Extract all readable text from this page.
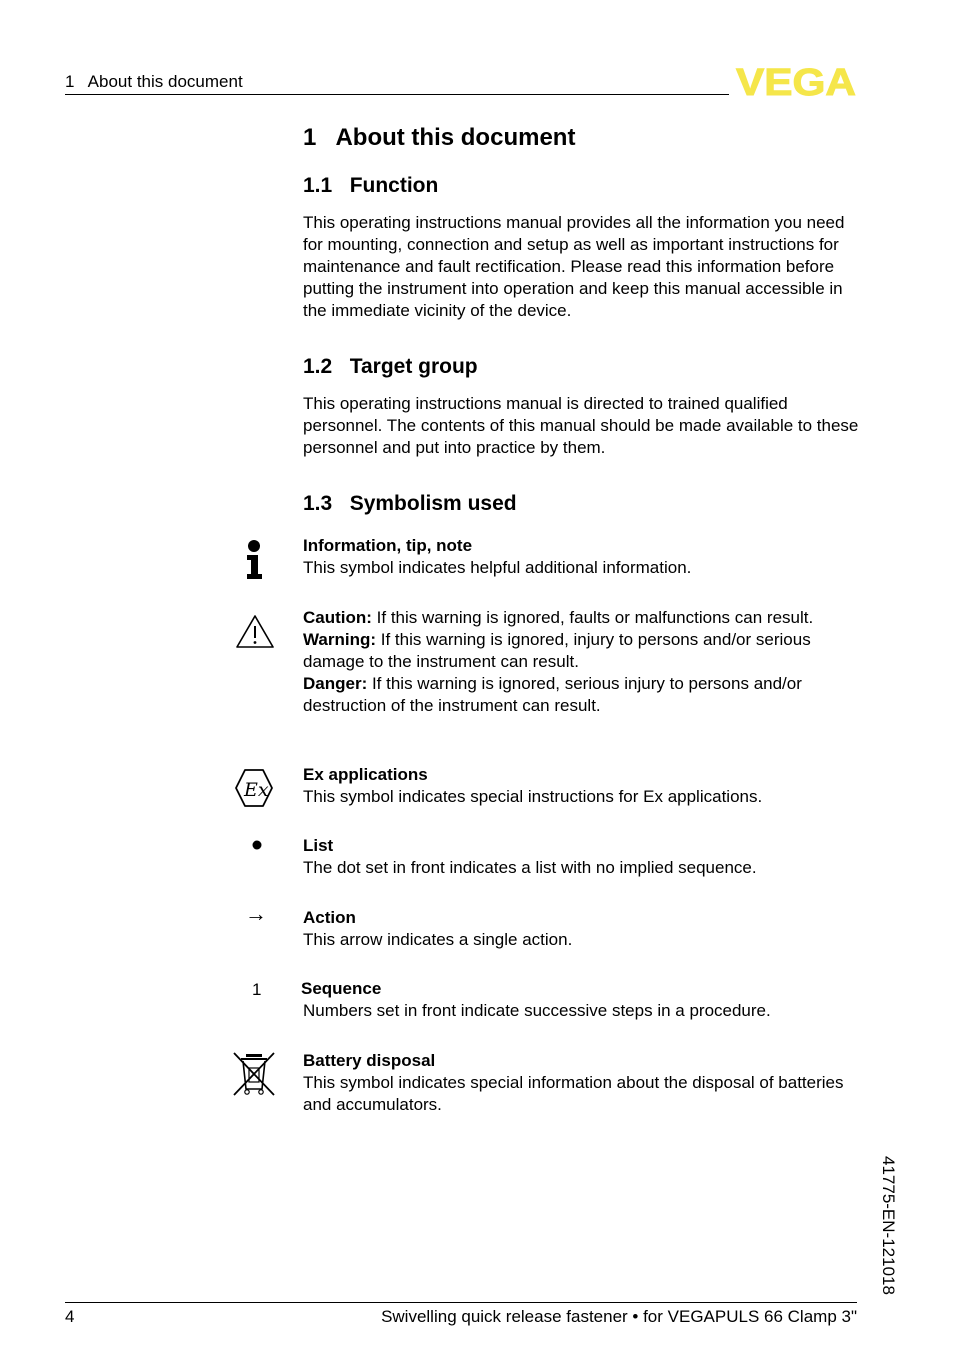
1   About this document	VEGA
1   About this document
1.1   Function
This operating instructions manual provides all the information you need for mounting, connection and setup as well as important instructions for maintenance and fault rectification. Please read this information before putting the instrument into operation and keep this manual accessible in the immediate vicinity of the device.
1.2   Target group
This operating instructions manual is directed to trained qualified personnel. The contents of this manual should be made available to these personnel and put into practice by them.
1.3   Symbolism used
Information, tip, note
This symbol indicates helpful additional information.
Caution: If this warning is ignored, faults or malfunctions can result.
Warning: If this warning is ignored, injury to persons and/or serious damage to the instrument can result.
Danger: If this warning is ignored, serious injury to persons and/or destruction of the instrument can result.
Ex
Ex applications
This symbol indicates special instructions for Ex applications.
List
The dot set in front indicates a list with no implied sequence.
→ Action
This arrow indicates a single action.
1 Sequence
Numbers set in front indicate successive steps in a procedure.
Battery disposal
This symbol indicates special information about the disposal of batteries and accumulators.
41775-EN-121018
4	Swivelling quick release fastener • for VEGAPULS 66 Clamp 3"
